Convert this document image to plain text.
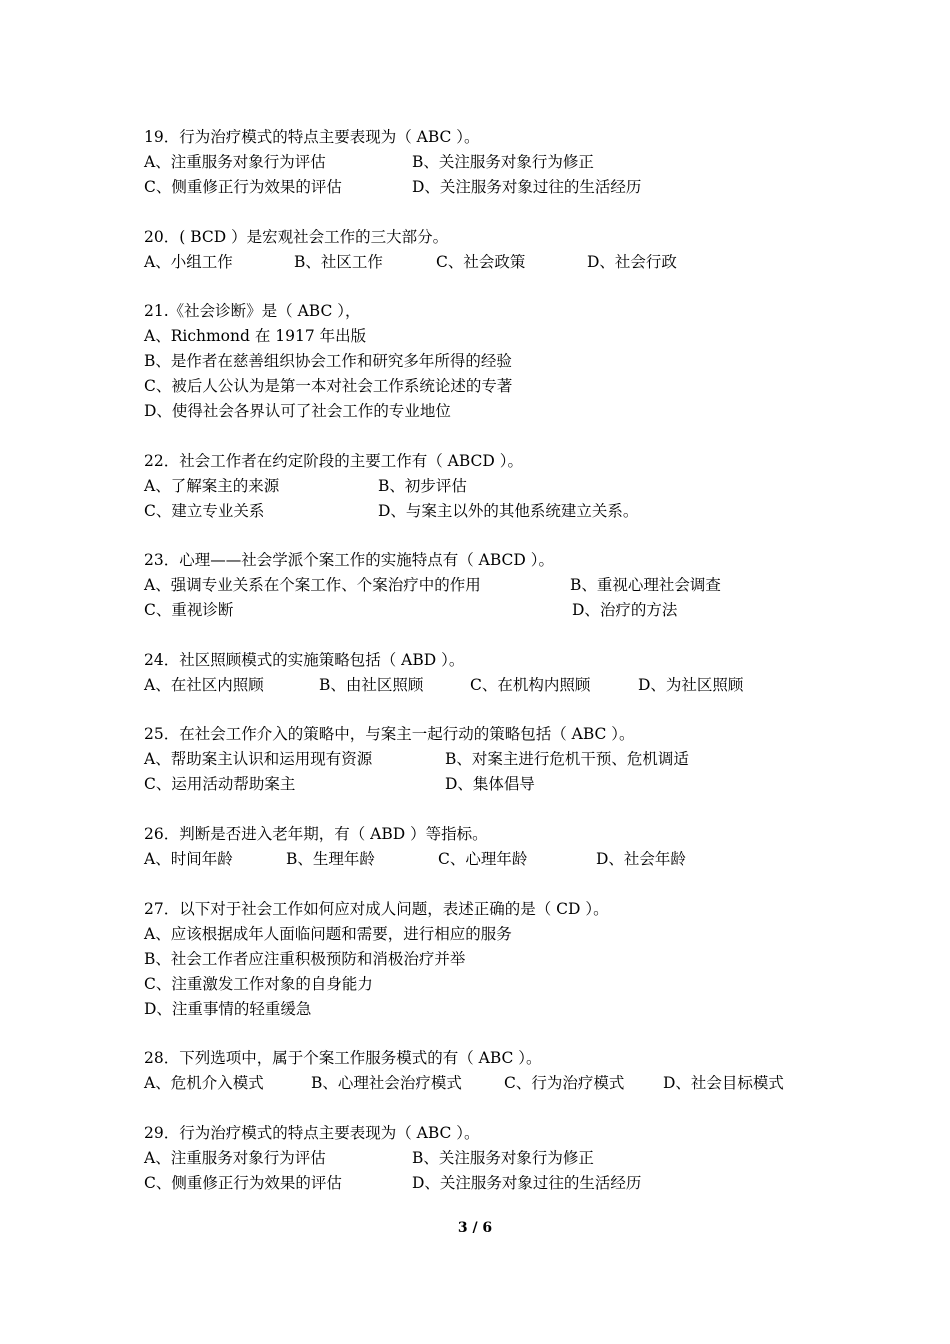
19．行为治疗模式的特点主要表现为（ ABC ）。
A、注重服务对象行为评估	B、关注服务对象行为修正
C、侧重修正行为效果的评估	D、关注服务对象过往的生活经历
20．( BCD ）是宏观社会工作的三大部分。
A、小组工作	B、社区工作	C、社会政策	D、社会行政
21.《社会诊断》是（ ABC ），
A、Richmond 在 1917 年出版
B、是作者在慈善组织协会工作和研究多年所得的经验
C、被后人公认为是第一本对社会工作系统论述的专著
D、使得社会各界认可了社会工作的专业地位
22．社会工作者在约定阶段的主要工作有（ ABCD ）。
A、了解案主的来源	B、初步评估
C、建立专业关系	D、与案主以外的其他系统建立关系。
23．心理——社会学派个案工作的实施特点有（ ABCD ）。
A、强调专业关系在个案工作、个案治疗中的作用	B、重视心理社会调查
C、重视诊断	D、治疗的方法
24．社区照顾模式的实施策略包括（ ABD ）。
A、在社区内照顾	B、由社区照顾	C、在机构内照顾	D、为社区照顾
25．在社会工作介入的策略中，与案主一起行动的策略包括（ ABC ）。
A、帮助案主认识和运用现有资源	B、对案主进行危机干预、危机调适
C、运用活动帮助案主	D、集体倡导
26．判断是否进入老年期，有（ ABD ）等指标。
A、时间年龄	B、生理年龄	C、心理年龄	D、社会年龄
27．以下对于社会工作如何应对成人问题，表述正确的是（ CD ）。
A、应该根据成年人面临问题和需要，进行相应的服务
B、社会工作者应注重积极预防和消极治疗并举
C、注重激发工作对象的自身能力
D、注重事情的轻重缓急
28．下列选项中，属于个案工作服务模式的有（ ABC ）。
A、危机介入模式	B、心理社会治疗模式	C、行为治疗模式 D、社会目标模式
29．行为治疗模式的特点主要表现为（ ABC ）。
A、注重服务对象行为评估	B、关注服务对象行为修正
C、侧重修正行为效果的评估	D、关注服务对象过往的生活经历
3 / 6
